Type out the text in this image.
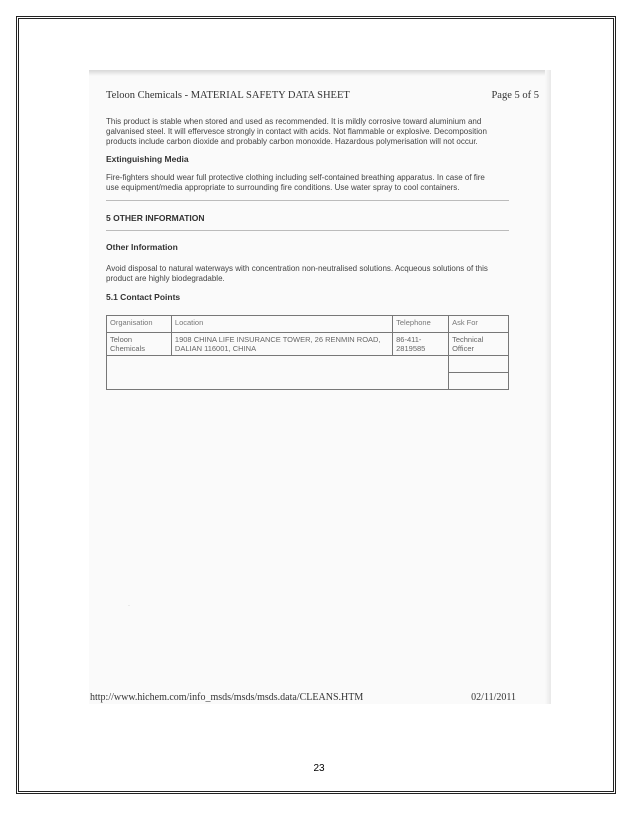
Teloon Chemicals - MATERIAL SAFETY DATA SHEET	Page 5 of 5
This product is stable when stored and used as recommended. It is mildly corrosive toward aluminium and galvanised steel. It will effervesce strongly in contact with acids. Not flammable or explosive. Decomposition products include carbon dioxide and probably carbon monoxide. Hazardous polymerisation will not occur.
Extinguishing Media
Fire-fighters should wear full protective clothing including self-contained breathing apparatus. In case of fire use equipment/media appropriate to surrounding fire conditions. Use water spray to cool containers.
5 OTHER INFORMATION
Other Information
Avoid disposal to natural waterways with concentration non-neutralised solutions. Acqueous solutions of this product are highly biodegradable.
5.1 Contact Points
Organisation	Location	Telephone	Ask For
Teloon Chemicals	1908 CHINA LIFE INSURANCE TOWER, 26 RENMIN ROAD, DALIAN 116001, CHINA	86-411-2819585	Technical Officer

http://www.hichem.com/info_msds/msds/msds.data/CLEANS.HTM	02/11/2011
·
23
